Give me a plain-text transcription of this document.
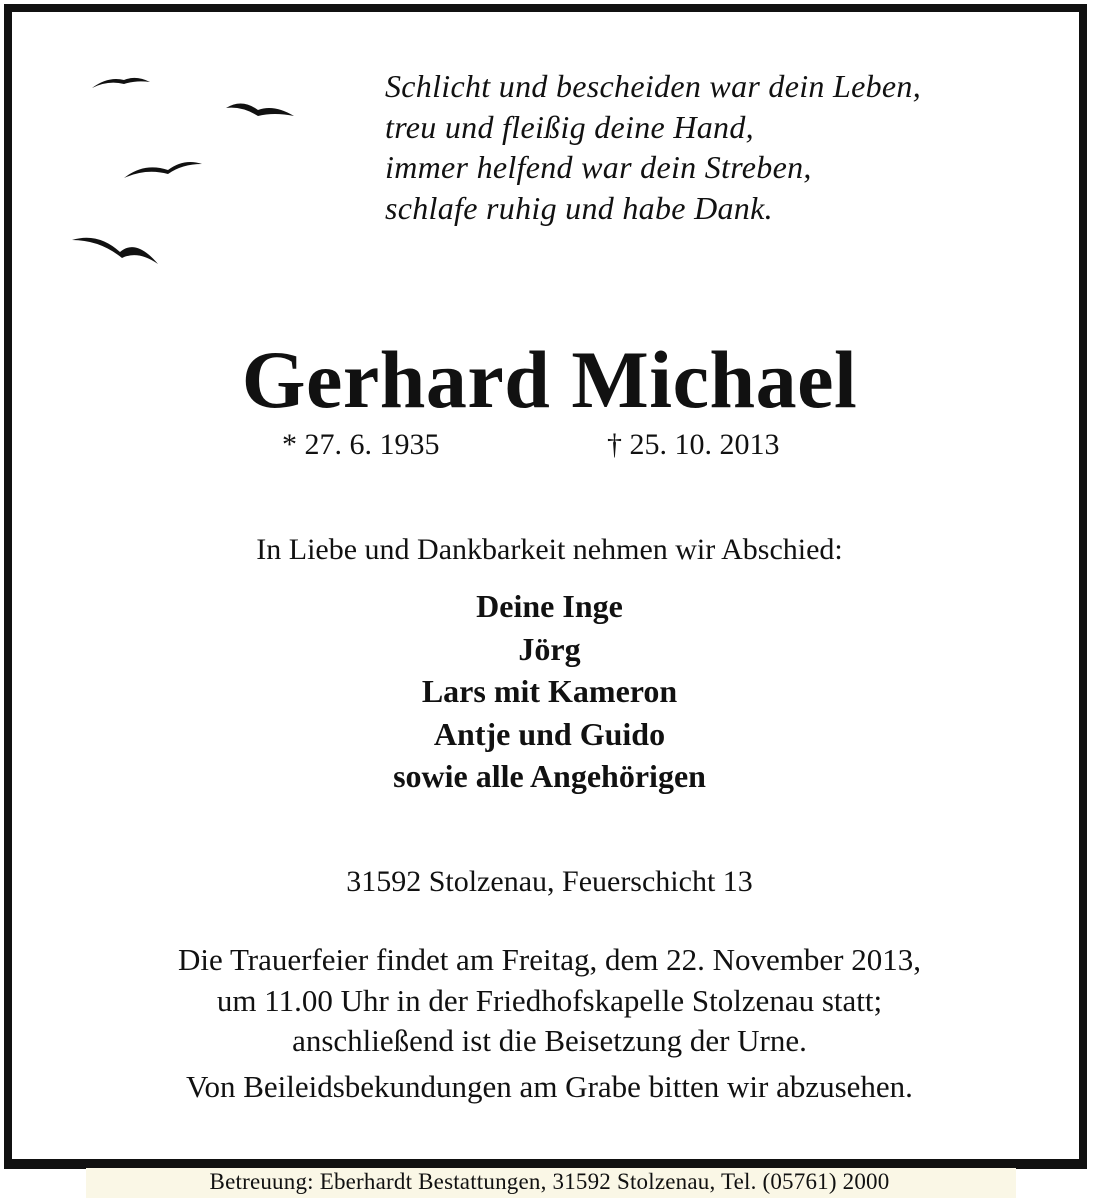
Schlicht und bescheiden war dein Leben,
treu und fleißig deine Hand,
immer helfend war dein Streben,
schlafe ruhig und habe Dank.
Gerhard Michael
* 27. 6. 1935	† 25. 10. 2013
In Liebe und Dankbarkeit nehmen wir Abschied:
Deine Inge
Jörg
Lars mit Kameron
Antje und Guido
sowie alle Angehörigen
31592 Stolzenau, Feuerschicht 13
Die Trauerfeier findet am Freitag, dem 22. November 2013,
um 11.00 Uhr in der Friedhofskapelle Stolzenau statt;
anschließend ist die Beisetzung der Urne.
Von Beileidsbekundungen am Grabe bitten wir abzusehen.
Betreuung: Eberhardt Bestattungen, 31592 Stolzenau, Tel. (05761) 2000
